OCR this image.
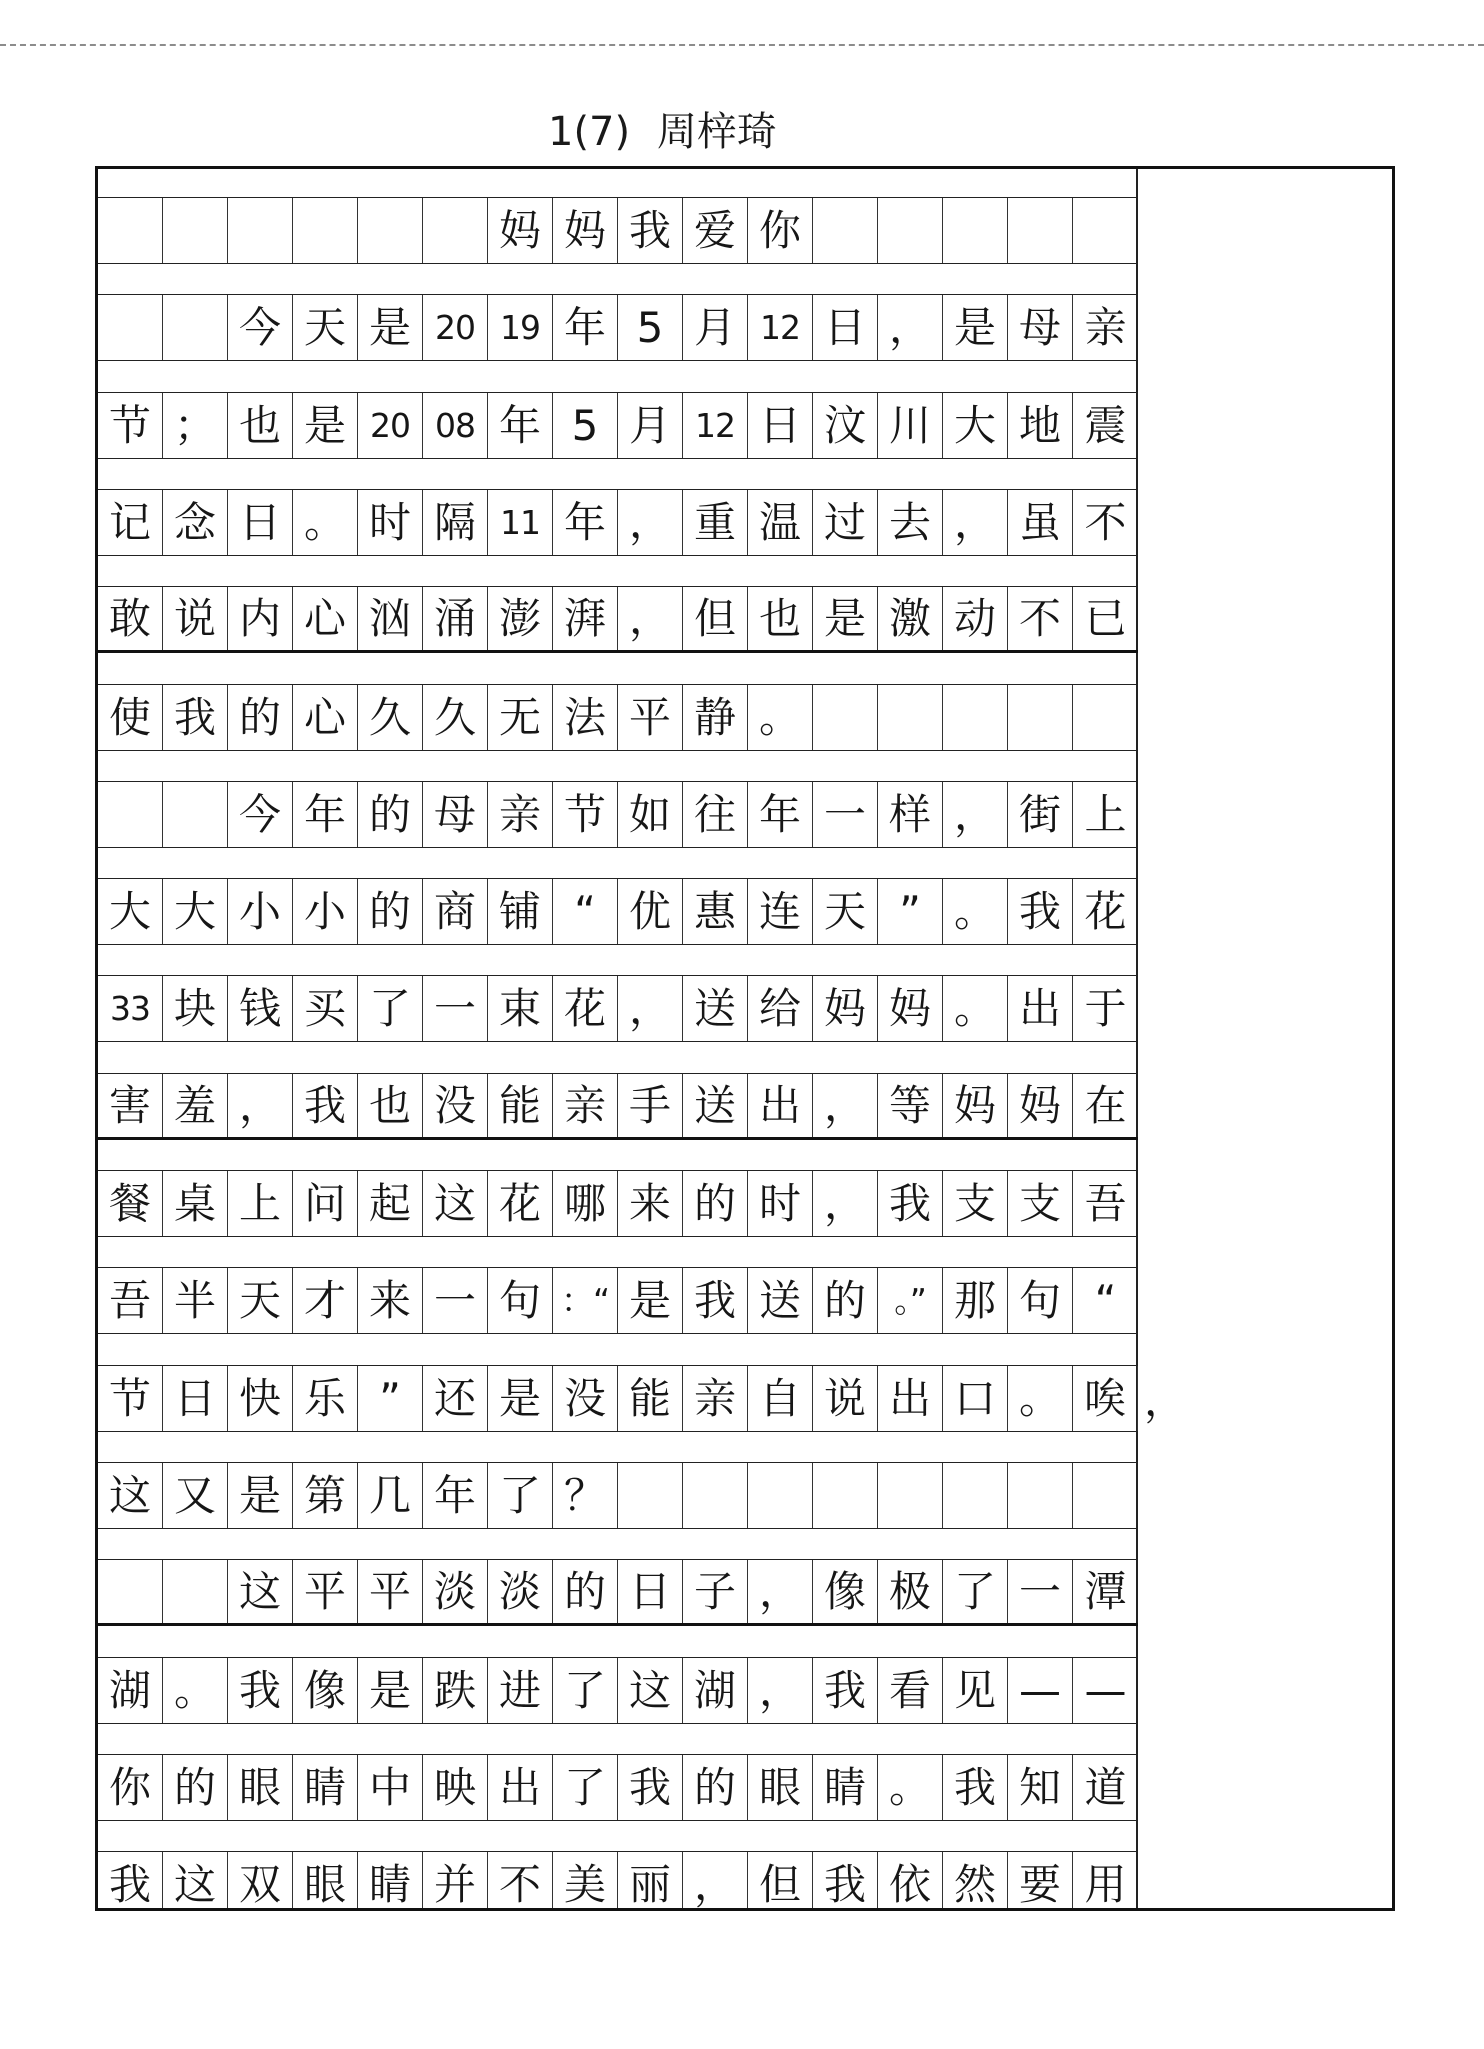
1(7) 周梓琦
妈 妈 我 爱 你
今 天 是 20 19 年 5 月 12 日 ， 是 母 亲
节 ； 也 是 20 08 年 5 月 12 日 汶 川 大 地 震
记 念 日 。 时 隔 11 年 ， 重 温 过 去 ， 虽 不
敢 说 内 心 汹 涌 澎 湃 ， 但 也 是 激 动 不 已
使 我 的 心 久 久 无 法 平 静 。
今 年 的 母 亲 节 如 往 年 一 样 ， 街 上
大 大 小 小 的 商 铺 “ 优 惠 连 天 ” 。 我 花
33 块 钱 买 了 一 束 花 ， 送 给 妈 妈 。 出 于
害 羞 ， 我 也 没 能 亲 手 送 出 ， 等 妈 妈 在
餐 桌 上 问 起 这 花 哪 来 的 时 ， 我 支 支 吾
吾 半 天 才 来 一 句 ：“ 是 我 送 的 。” 那 句 “
节 日 快 乐 ” 还 是 没 能 亲 自 说 出 口 。 唉 ，
这 又 是 第 几 年 了 ？
这 平 平 淡 淡 的 日 子 ， 像 极 了 一 潭
湖 。 我 像 是 跌 进 了 这 湖 ， 我 看 见 — —
你 的 眼 睛 中 映 出 了 我 的 眼 睛 。 我 知 道
我 这 双 眼 睛 并 不 美 丽 ， 但 我 依 然 要 用
